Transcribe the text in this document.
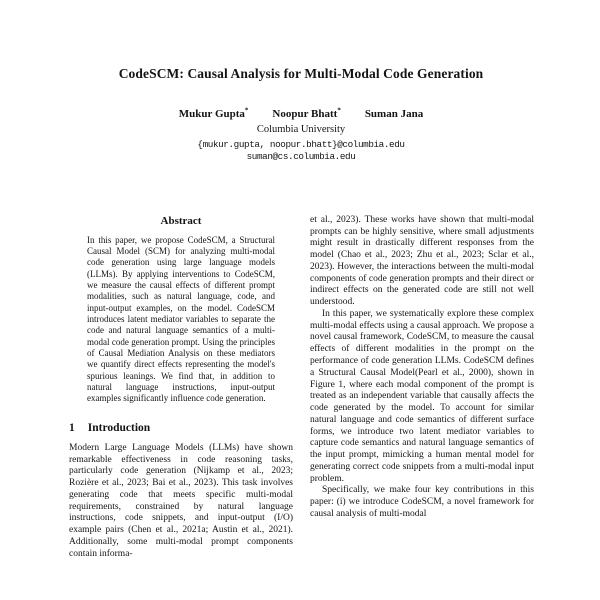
CodeSCM: Causal Analysis for Multi-Modal Code Generation
Mukur Gupta* Noopur Bhatt* Suman Jana
Columbia University
{mukur.gupta, noopur.bhatt}@columbia.edu
suman@cs.columbia.edu
Abstract

In this paper, we propose CodeSCM, a Structural Causal Model (SCM) for analyzing multi-modal code generation using large language models (LLMs). By applying interventions to CodeSCM, we measure the causal effects of different prompt modalities, such as natural language, code, and input-output examples, on the model. CodeSCM introduces latent mediator variables to separate the code and natural language semantics of a multi-modal code generation prompt. Using the principles of Causal Mediation Analysis on these mediators we quantify direct effects representing the model's spurious leanings. We find that, in addition to natural language instructions, input-output examples significantly influence code generation.

1 Introduction

Modern Large Language Models (LLMs) have shown remarkable effectiveness in code reasoning tasks, particularly code generation (Nijkamp et al., 2023; Rozière et al., 2023; Bai et al., 2023). This task involves generating code that meets specific multi-modal requirements, constrained by natural language instructions, code snippets, and input-output (I/O) example pairs (Chen et al., 2021a; Austin et al., 2021). Additionally, some multi-modal prompt components contain informa-

et al., 2023). These works have shown that multi-modal prompts can be highly sensitive, where small adjustments might result in drastically different responses from the model (Chao et al., 2023; Zhu et al., 2023; Sclar et al., 2023). However, the interactions between the multi-modal components of code generation prompts and their direct or indirect effects on the generated code are still not well understood.

In this paper, we systematically explore these complex multi-modal effects using a causal approach. We propose a novel causal framework, CodeSCM, to measure the causal effects of different modalities in the prompt on the performance of code generation LLMs. CodeSCM defines a Structural Causal Model(Pearl et al., 2000), shown in Figure 1, where each modal component of the prompt is treated as an independent variable that causally affects the code generated by the model. To account for similar natural language and code semantics of different surface forms, we introduce two latent mediator variables to capture code semantics and natural language semantics of the input prompt, mimicking a human mental model for generating correct code snippets from a multi-modal input problem.

Specifically, we make four key contributions in this paper: (i) we introduce CodeSCM, a novel framework for causal analysis of multi-modal
